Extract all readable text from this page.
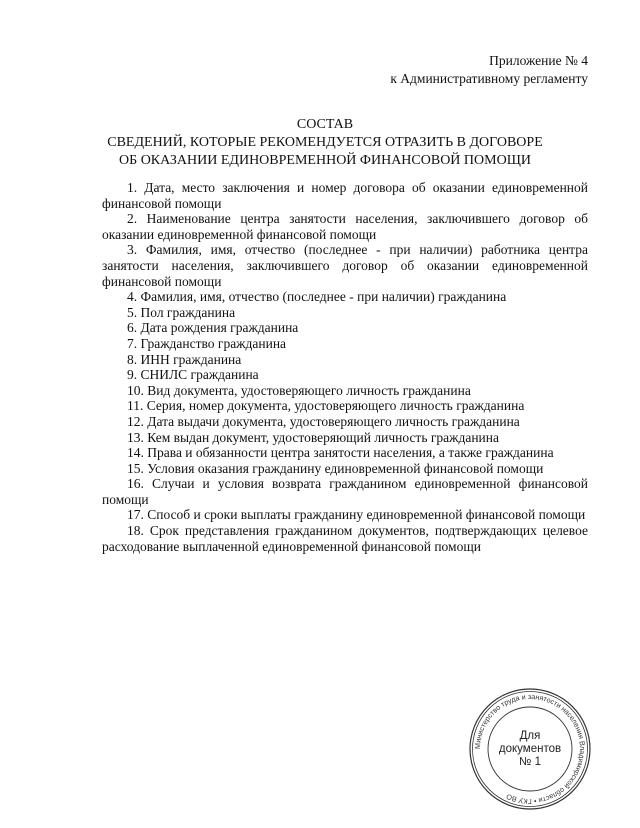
Приложение № 4
к Административному регламенту
СОСТАВ
СВЕДЕНИЙ, КОТОРЫЕ РЕКОМЕНДУЕТСЯ ОТРАЗИТЬ В ДОГОВОРЕ
ОБ ОКАЗАНИИ ЕДИНОВРЕМЕННОЙ ФИНАНСОВОЙ ПОМОЩИ

1. Дата, место заключения и номер договора об оказании единовременной финансовой помощи

2. Наименование центра занятости населения, заключившего договор об оказании единовременной финансовой помощи

3. Фамилия, имя, отчество (последнее - при наличии) работника центра занятости населения, заключившего договор об оказании единовременной финансовой помощи

4. Фамилия, имя, отчество (последнее - при наличии) гражданина

5. Пол гражданина

6. Дата рождения гражданина

7. Гражданство гражданина

8. ИНН гражданина

9. СНИЛС гражданина

10. Вид документа, удостоверяющего личность гражданина

11. Серия, номер документа, удостоверяющего личность гражданина

12. Дата выдачи документа, удостоверяющего личность гражданина

13. Кем выдан документ, удостоверяющий личность гражданина

14. Права и обязанности центра занятости населения, а также гражданина

15. Условия оказания гражданину единовременной финансовой помощи

16. Случаи и условия возврата гражданином единовременной финансовой помощи

17. Способ и сроки выплаты гражданину единовременной финансовой помощи

18. Срок представления гражданином документов, подтверждающих целевое расходование выплаченной единовременной финансовой помощи

Министерство труда и занятости населения Владимирской области • ГКУ ВО
Для
документов
№ 1
